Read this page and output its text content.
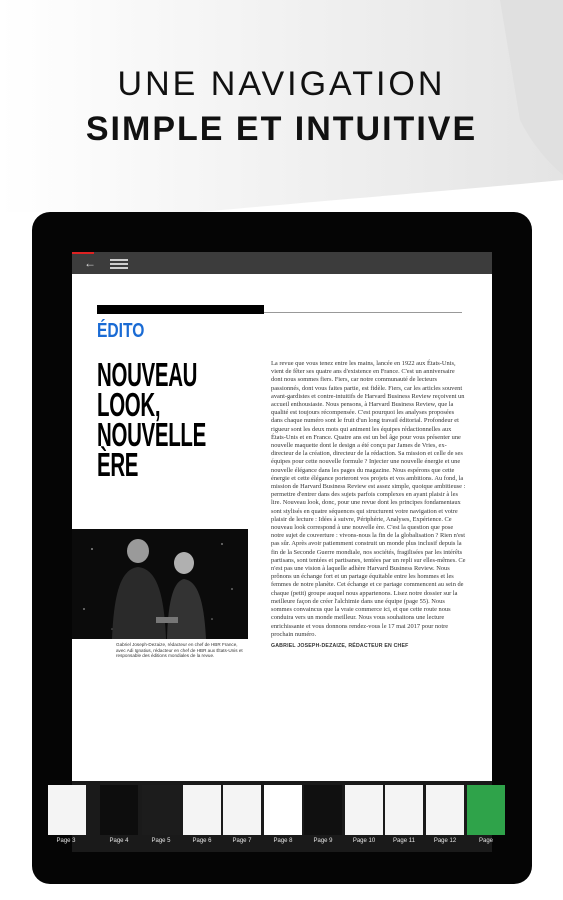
UNE NAVIGATION
SIMPLE ET INTUITIVE
←
ÉDITO
NOUVEAU LOOK,
NOUVELLE ÈRE
La revue que vous tenez entre les mains, lancée en 1922 aux États-Unis, vient de fêter ses quatre ans d'existence en France. C'est un anniversaire dont nous sommes fiers. Fiers, car notre communauté de lecteurs passionnés, dont vous faites partie, est fidèle. Fiers, car les articles souvent avant-gardistes et contre-intuitifs de Harvard Business Review reçoivent un accueil enthousiaste. Nous pensons, à Harvard Business Review, que la qualité est toujours récompensée. C'est pourquoi les analyses proposées dans chaque numéro sont le fruit d'un long travail éditorial. Profondeur et rigueur sont les deux mots qui animent les équipes rédactionnelles aux États-Unis et en France. Quatre ans est un bel âge pour vous présenter une nouvelle maquette dont le design a été conçu par James de Vries, ex-directeur de la création, directeur de la rédaction. Sa mission et celle de ses équipes pour cette nouvelle formule ? Injecter une nouvelle énergie et une nouvelle élégance dans les pages du magazine. Nous espérons que cette énergie et cette élégance porteront vos projets et vos ambitions. Au fond, la mission de Harvard Business Review est assez simple, quoique ambitieuse : permettre d'entrer dans des sujets parfois complexes en ayant plaisir à les lire. Nouveau look, donc, pour une revue dont les principes fondamentaux sont stylisés en quatre séquences qui structurent votre navigation et votre plaisir de lecture : Idées à suivre, Périphérie, Analyses, Expérience. Ce nouveau look correspond à une nouvelle ère. C'est la question que pose notre sujet de couverture : vivons-nous la fin de la globalisation ? Rien n'est pas sûr. Après avoir patiemment construit un monde plus inclusif depuis la fin de la Seconde Guerre mondiale, nos sociétés, fragilisées par les intérêts partisans, sont tentées et partisanes, tentées par un repli sur elles-mêmes. Ce n'est pas une vision à laquelle adhère Harvard Business Review. Nous prônons un échange fort et un partage équitable entre les hommes et les femmes de notre planète. Cet échange et ce partage commencent au sein de chaque (petit) groupe auquel nous appartenons. Lisez notre dossier sur la meilleure façon de créer l'alchimie dans une équipe (page 55). Nous sommes convaincus que la vraie commerce ici, et que cette route nous conduira vers un monde meilleur. Nous vous souhaitons une lecture enrichissante et vous donnons rendez-vous le 17 mai 2017 pour notre prochain numéro.
GABRIEL JOSEPH-DEZAIZE, RÉDACTEUR EN CHEF
Gabriel Joseph-Dezaize, rédacteur en chef de HBR France, avec Adi Ignatius, rédacteur en chef de HBR aux États-Unis et responsable des éditions mondiales de la revue.
Page 3	Page 4	Page 5	Page 6	Page 7	Page 8	Page 9	Page 10	Page 11	Page 12	Page
